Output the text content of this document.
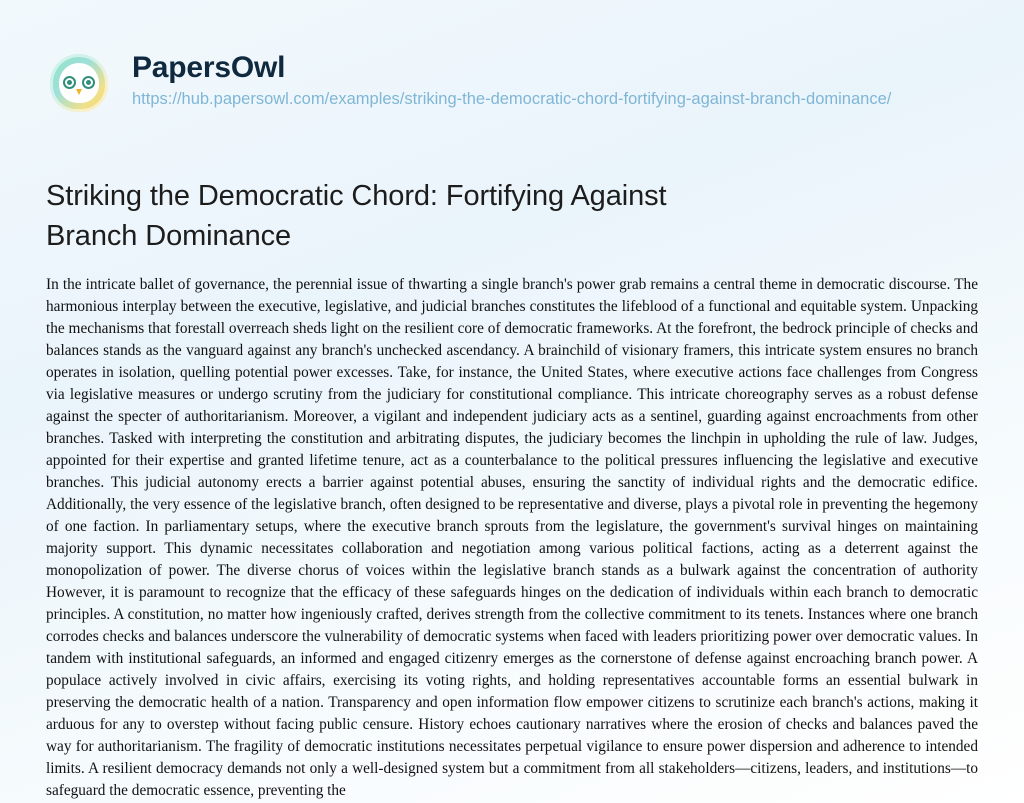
PapersOwl
https://hub.papersowl.com/examples/striking-the-democratic-chord-fortifying-against-branch-dominance/
Striking the Democratic Chord: Fortifying Against Branch Dominance
In the intricate ballet of governance, the perennial issue of thwarting a single branch's power grab remains a central theme in democratic discourse. The harmonious interplay between the executive, legislative, and judicial branches constitutes the lifeblood of a functional and equitable system. Unpacking the mechanisms that forestall overreach sheds light on the resilient core of democratic frameworks. At the forefront, the bedrock principle of checks and balances stands as the vanguard against any branch's unchecked ascendancy. A brainchild of visionary framers, this intricate system ensures no branch operates in isolation, quelling potential power excesses. Take, for instance, the United States, where executive actions face challenges from Congress via legislative measures or undergo scrutiny from the judiciary for constitutional compliance. This intricate choreography serves as a robust defense against the specter of authoritarianism. Moreover, a vigilant and independent judiciary acts as a sentinel, guarding against encroachments from other branches. Tasked with interpreting the constitution and arbitrating disputes, the judiciary becomes the linchpin in upholding the rule of law. Judges, appointed for their expertise and granted lifetime tenure, act as a counterbalance to the political pressures influencing the legislative and executive branches. This judicial autonomy erects a barrier against potential abuses, ensuring the sanctity of individual rights and the democratic edifice. Additionally, the very essence of the legislative branch, often designed to be representative and diverse, plays a pivotal role in preventing the hegemony of one faction. In parliamentary setups, where the executive branch sprouts from the legislature, the government's survival hinges on maintaining majority support. This dynamic necessitates collaboration and negotiation among various political factions, acting as a deterrent against the monopolization of power. The diverse chorus of voices within the legislative branch stands as a bulwark against the concentration of authority However, it is paramount to recognize that the efficacy of these safeguards hinges on the dedication of individuals within each branch to democratic principles. A constitution, no matter how ingeniously crafted, derives strength from the collective commitment to its tenets. Instances where one branch corrodes checks and balances underscore the vulnerability of democratic systems when faced with leaders prioritizing power over democratic values. In tandem with institutional safeguards, an informed and engaged citizenry emerges as the cornerstone of defense against encroaching branch power. A populace actively involved in civic affairs, exercising its voting rights, and holding representatives accountable forms an essential bulwark in preserving the democratic health of a nation. Transparency and open information flow empower citizens to scrutinize each branch's actions, making it arduous for any to overstep without facing public censure. History echoes cautionary narratives where the erosion of checks and balances paved the way for authoritarianism. The fragility of democratic institutions necessitates perpetual vigilance to ensure power dispersion and adherence to intended limits. A resilient democracy demands not only a well-designed system but a commitment from all stakeholders—citizens, leaders, and institutions—to safeguard the democratic essence, preventing the
